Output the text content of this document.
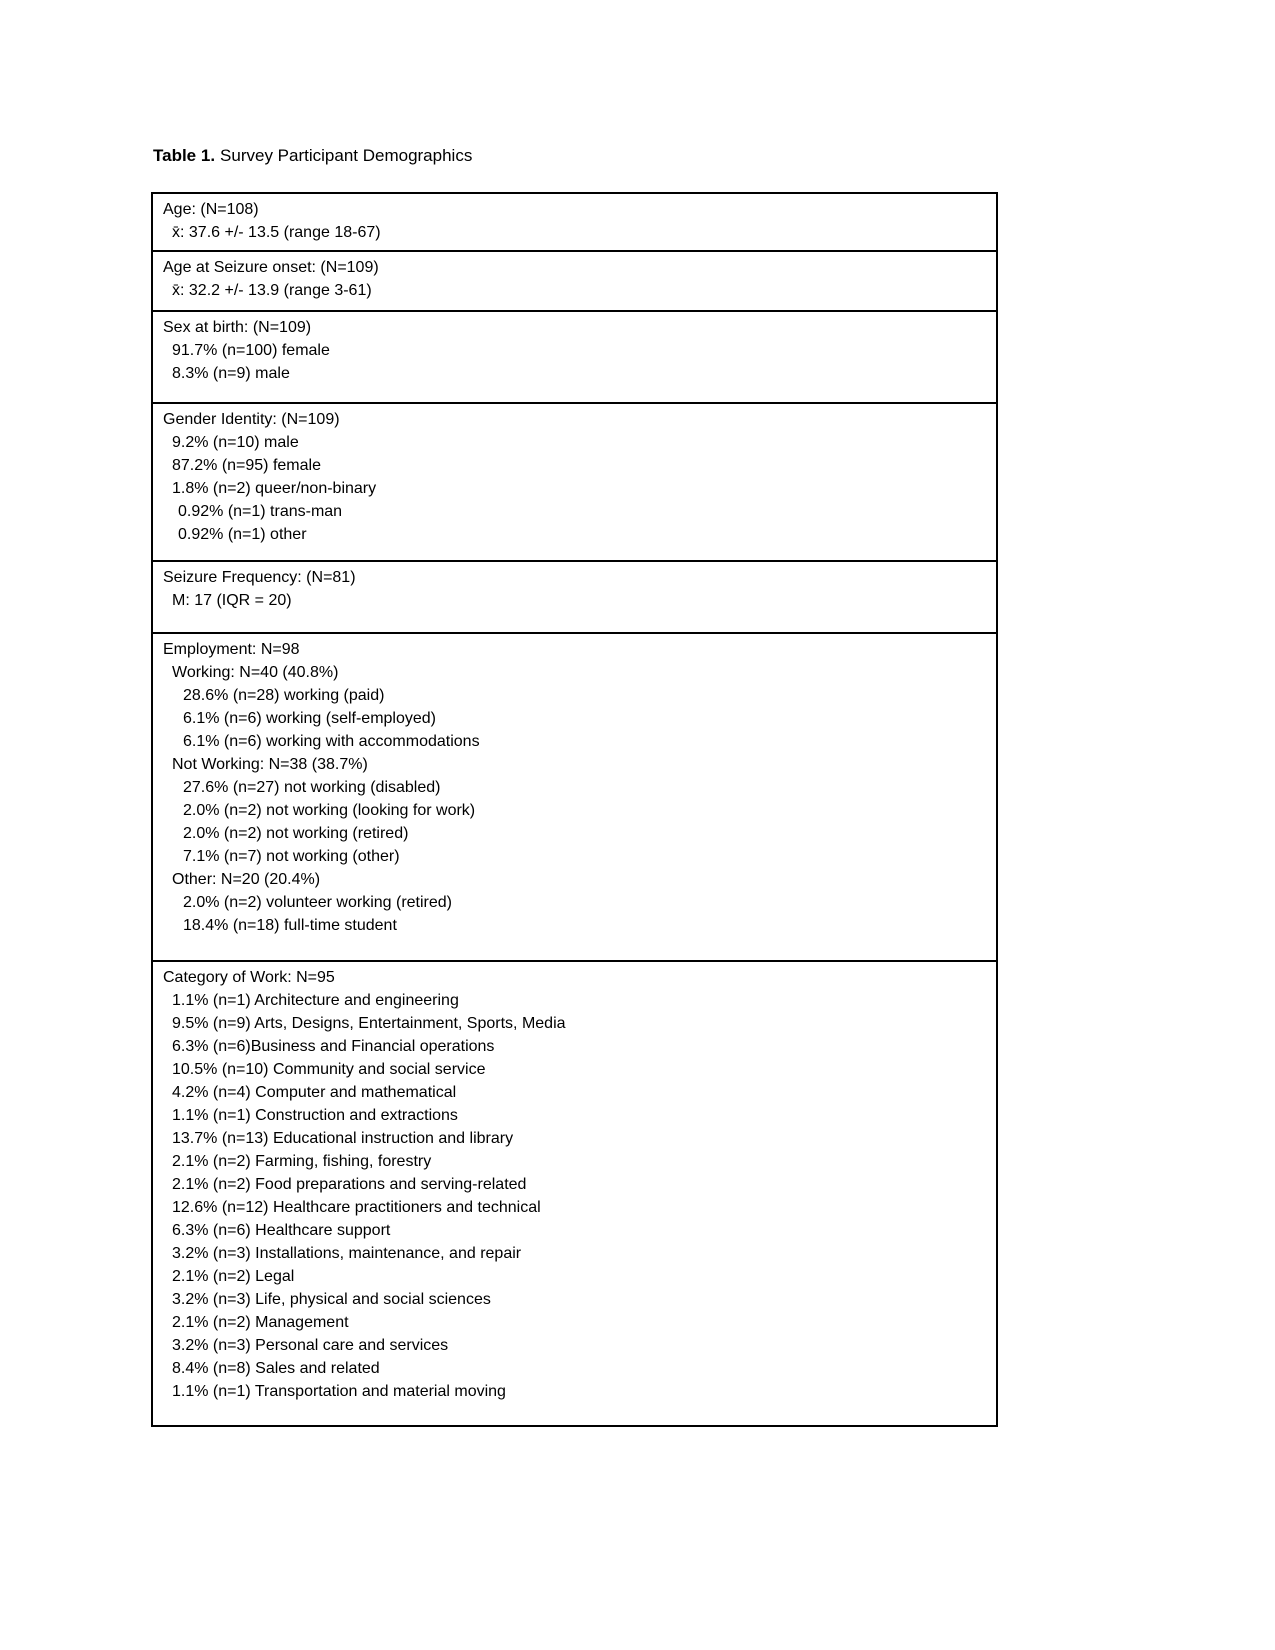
Table 1. Survey Participant Demographics
Age: (N=108)
x̄: 37.6 +/- 13.5 (range 18-67)
Age at Seizure onset: (N=109)
x̄: 32.2 +/- 13.9 (range 3-61)
Sex at birth: (N=109)
91.7% (n=100) female
8.3% (n=9) male
Gender Identity: (N=109)
9.2% (n=10) male
87.2% (n=95) female
1.8% (n=2) queer/non-binary
0.92% (n=1) trans-man
0.92% (n=1) other
Seizure Frequency: (N=81)
M: 17 (IQR = 20)
Employment: N=98
Working: N=40 (40.8%)
28.6% (n=28) working (paid)
6.1% (n=6) working (self-employed)
6.1% (n=6) working with accommodations
Not Working: N=38 (38.7%)
27.6% (n=27) not working (disabled)
2.0% (n=2) not working (looking for work)
2.0% (n=2) not working (retired)
7.1% (n=7) not working (other)
Other: N=20 (20.4%)
2.0% (n=2) volunteer working (retired)
18.4% (n=18) full-time student
Category of Work: N=95
1.1% (n=1) Architecture and engineering
9.5% (n=9) Arts, Designs, Entertainment, Sports, Media
6.3% (n=6)Business and Financial operations
10.5% (n=10) Community and social service
4.2% (n=4) Computer and mathematical
1.1% (n=1) Construction and extractions
13.7% (n=13) Educational instruction and library
2.1% (n=2) Farming, fishing, forestry
2.1% (n=2) Food preparations and serving-related
12.6% (n=12) Healthcare practitioners and technical
6.3% (n=6) Healthcare support
3.2% (n=3) Installations, maintenance, and repair
2.1% (n=2) Legal
3.2% (n=3) Life, physical and social sciences
2.1% (n=2) Management
3.2% (n=3) Personal care and services
8.4% (n=8) Sales and related
1.1% (n=1) Transportation and material moving
